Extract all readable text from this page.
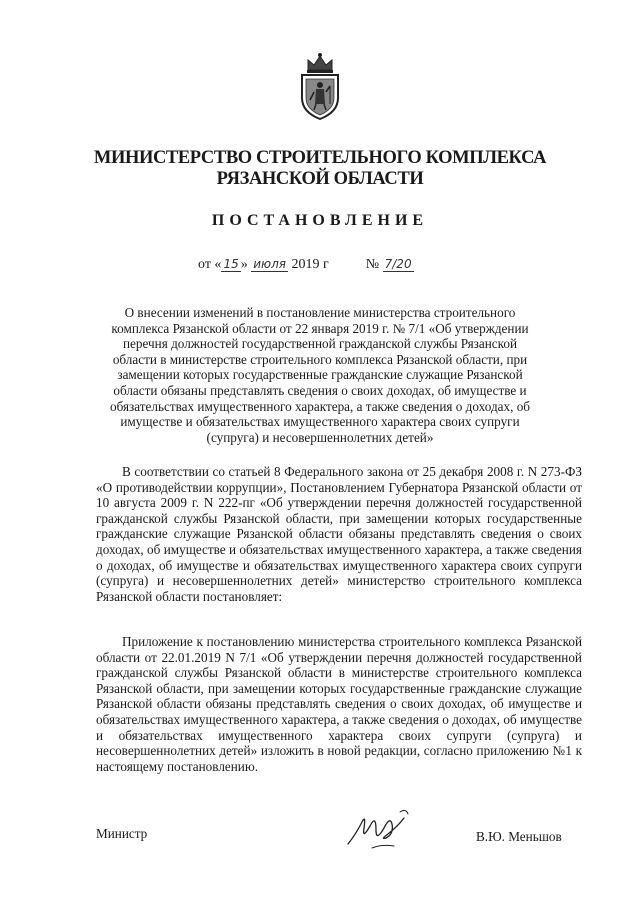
МИНИСТЕРСТВО СТРОИТЕЛЬНОГО КОМПЛЕКСА
РЯЗАНСКОЙ ОБЛАСТИ
ПОСТАНОВЛЕНИЕ
от « 15 » июля 2019 г	№ 7/20
О внесении изменений в постановление министерства строительного комплекса Рязанской области от 22 января 2019 г. № 7/1 «Об утверждении перечня должностей государственной гражданской службы Рязанской области в министерстве строительного комплекса Рязанской области, при замещении которых государственные гражданские служащие Рязанской области обязаны представлять сведения о своих доходах, об имуществе и обязательствах имущественного характера, а также сведения о доходах, об имуществе и обязательствах имущественного характера своих супруги (супруга) и несовершеннолетних детей»
В соответствии со статьей 8 Федерального закона от 25 декабря 2008 г. N 273-ФЗ «О противодействии коррупции», Постановлением Губернатора Рязанской области от 10 августа 2009 г. N 222-пг «Об утверждении перечня должностей государственной гражданской службы Рязанской области, при замещении которых государственные гражданские служащие Рязанской области обязаны представлять сведения о своих доходах, об имуществе и обязательствах имущественного характера, а также сведения о доходах, об имуществе и обязательствах имущественного характера своих супруги (супруга) и несовершеннолетних детей» министерство строительного комплекса Рязанской области постановляет:
Приложение к постановлению министерства строительного комплекса Рязанской области от 22.01.2019 N 7/1 «Об утверждении перечня должностей государственной гражданской службы Рязанской области в министерстве строительного комплекса Рязанской области, при замещении которых государственные гражданские служащие Рязанской области обязаны представлять сведения о своих доходах, об имуществе и обязательствах имущественного характера, а также сведения о доходах, об имуществе и обязательствах имущественного характера своих супруги (супруга) и несовершеннолетних детей» изложить в новой редакции, согласно приложению №1 к настоящему постановлению.
Министр	В.Ю. Меньшов
